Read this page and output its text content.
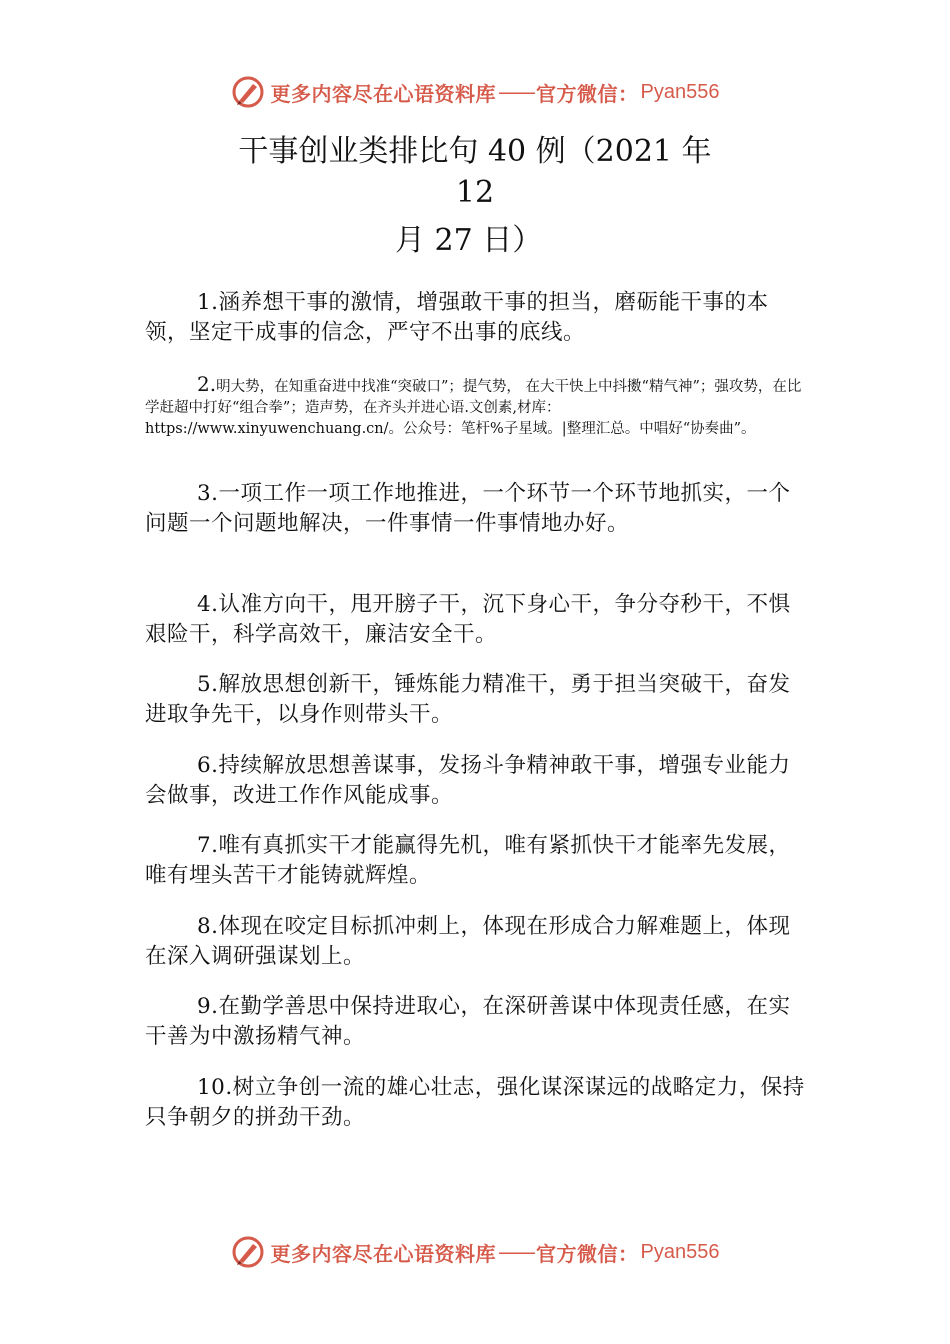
更多内容尽在心语资料库 —— 官方微信： Pyan556
干事创业类排比句 40 例（2021 年
12
月 27 日）

1.涵养想干事的激情，增强敢干事的担当，磨砺能干事的本领，坚定干成事的信念，严守不出事的底线。

2.明大势，在知重奋进中找准“突破口”；提气势， 在大干快上中抖擞“精气神”；强攻势，在比学赶超中打好“组合拳”；造声势，在齐头并进心语.文创素,材库：https://www.xinyuwenchuang.cn/。公众号：笔杆%子星域。|整理汇总。中唱好“协奏曲”。

3.一项工作一项工作地推进，一个环节一个环节地抓实，一个问题一个问题地解决，一件事情一件事情地办好。

4.认准方向干，甩开膀子干，沉下身心干，争分夺秒干，不惧艰险干，科学高效干，廉洁安全干。

5.解放思想创新干，锤炼能力精准干，勇于担当突破干，奋发进取争先干，以身作则带头干。

6.持续解放思想善谋事，发扬斗争精神敢干事，增强专业能力会做事，改进工作作风能成事。

7.唯有真抓实干才能赢得先机，唯有紧抓快干才能率先发展，唯有埋头苦干才能铸就辉煌。

8.体现在咬定目标抓冲刺上，体现在形成合力解难题上，体现在深入调研强谋划上。

9.在勤学善思中保持进取心，在深研善谋中体现责任感，在实干善为中激扬精气神。

10.树立争创一流的雄心壮志，强化谋深谋远的战略定力，保持只争朝夕的拼劲干劲。

更多内容尽在心语资料库 —— 官方微信： Pyan556
